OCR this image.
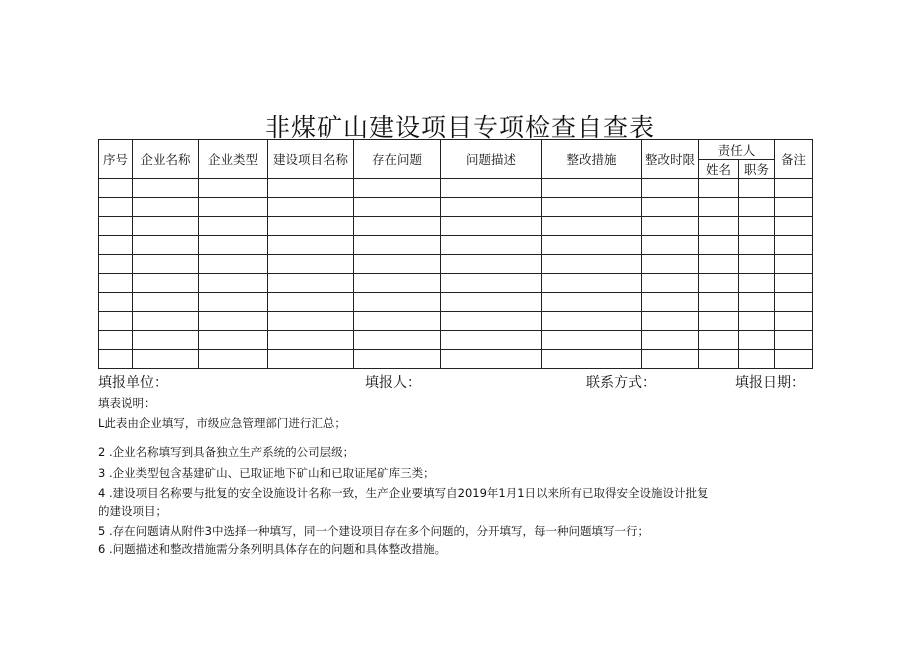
非煤矿山建设项目专项检查自查表
序号	企业名称	企业类型	建设项目名称	存在问题	问题描述	整改措施	整改时限	责任人		备注
								姓名	职务	

填报单位：	填报人：	联系方式：	填报日期：
填表说明：
L此表由企业填写，市级应急管理部门进行汇总；
2 .企业名称填写到具备独立生产系统的公司层级；
3 .企业类型包含基建矿山、已取证地下矿山和已取证尾矿库三类；
4 .建设项目名称要与批复的安全设施设计名称一致，生产企业要填写自2019年1月1日以来所有已取得安全设施设计批复
的建设项目；
5 .存在问题请从附件3中选择一种填写，同一个建设项目存在多个问题的，分开填写，每一种问题填写一行；
6 .问题描述和整改措施需分条列明具体存在的问题和具体整改措施。
